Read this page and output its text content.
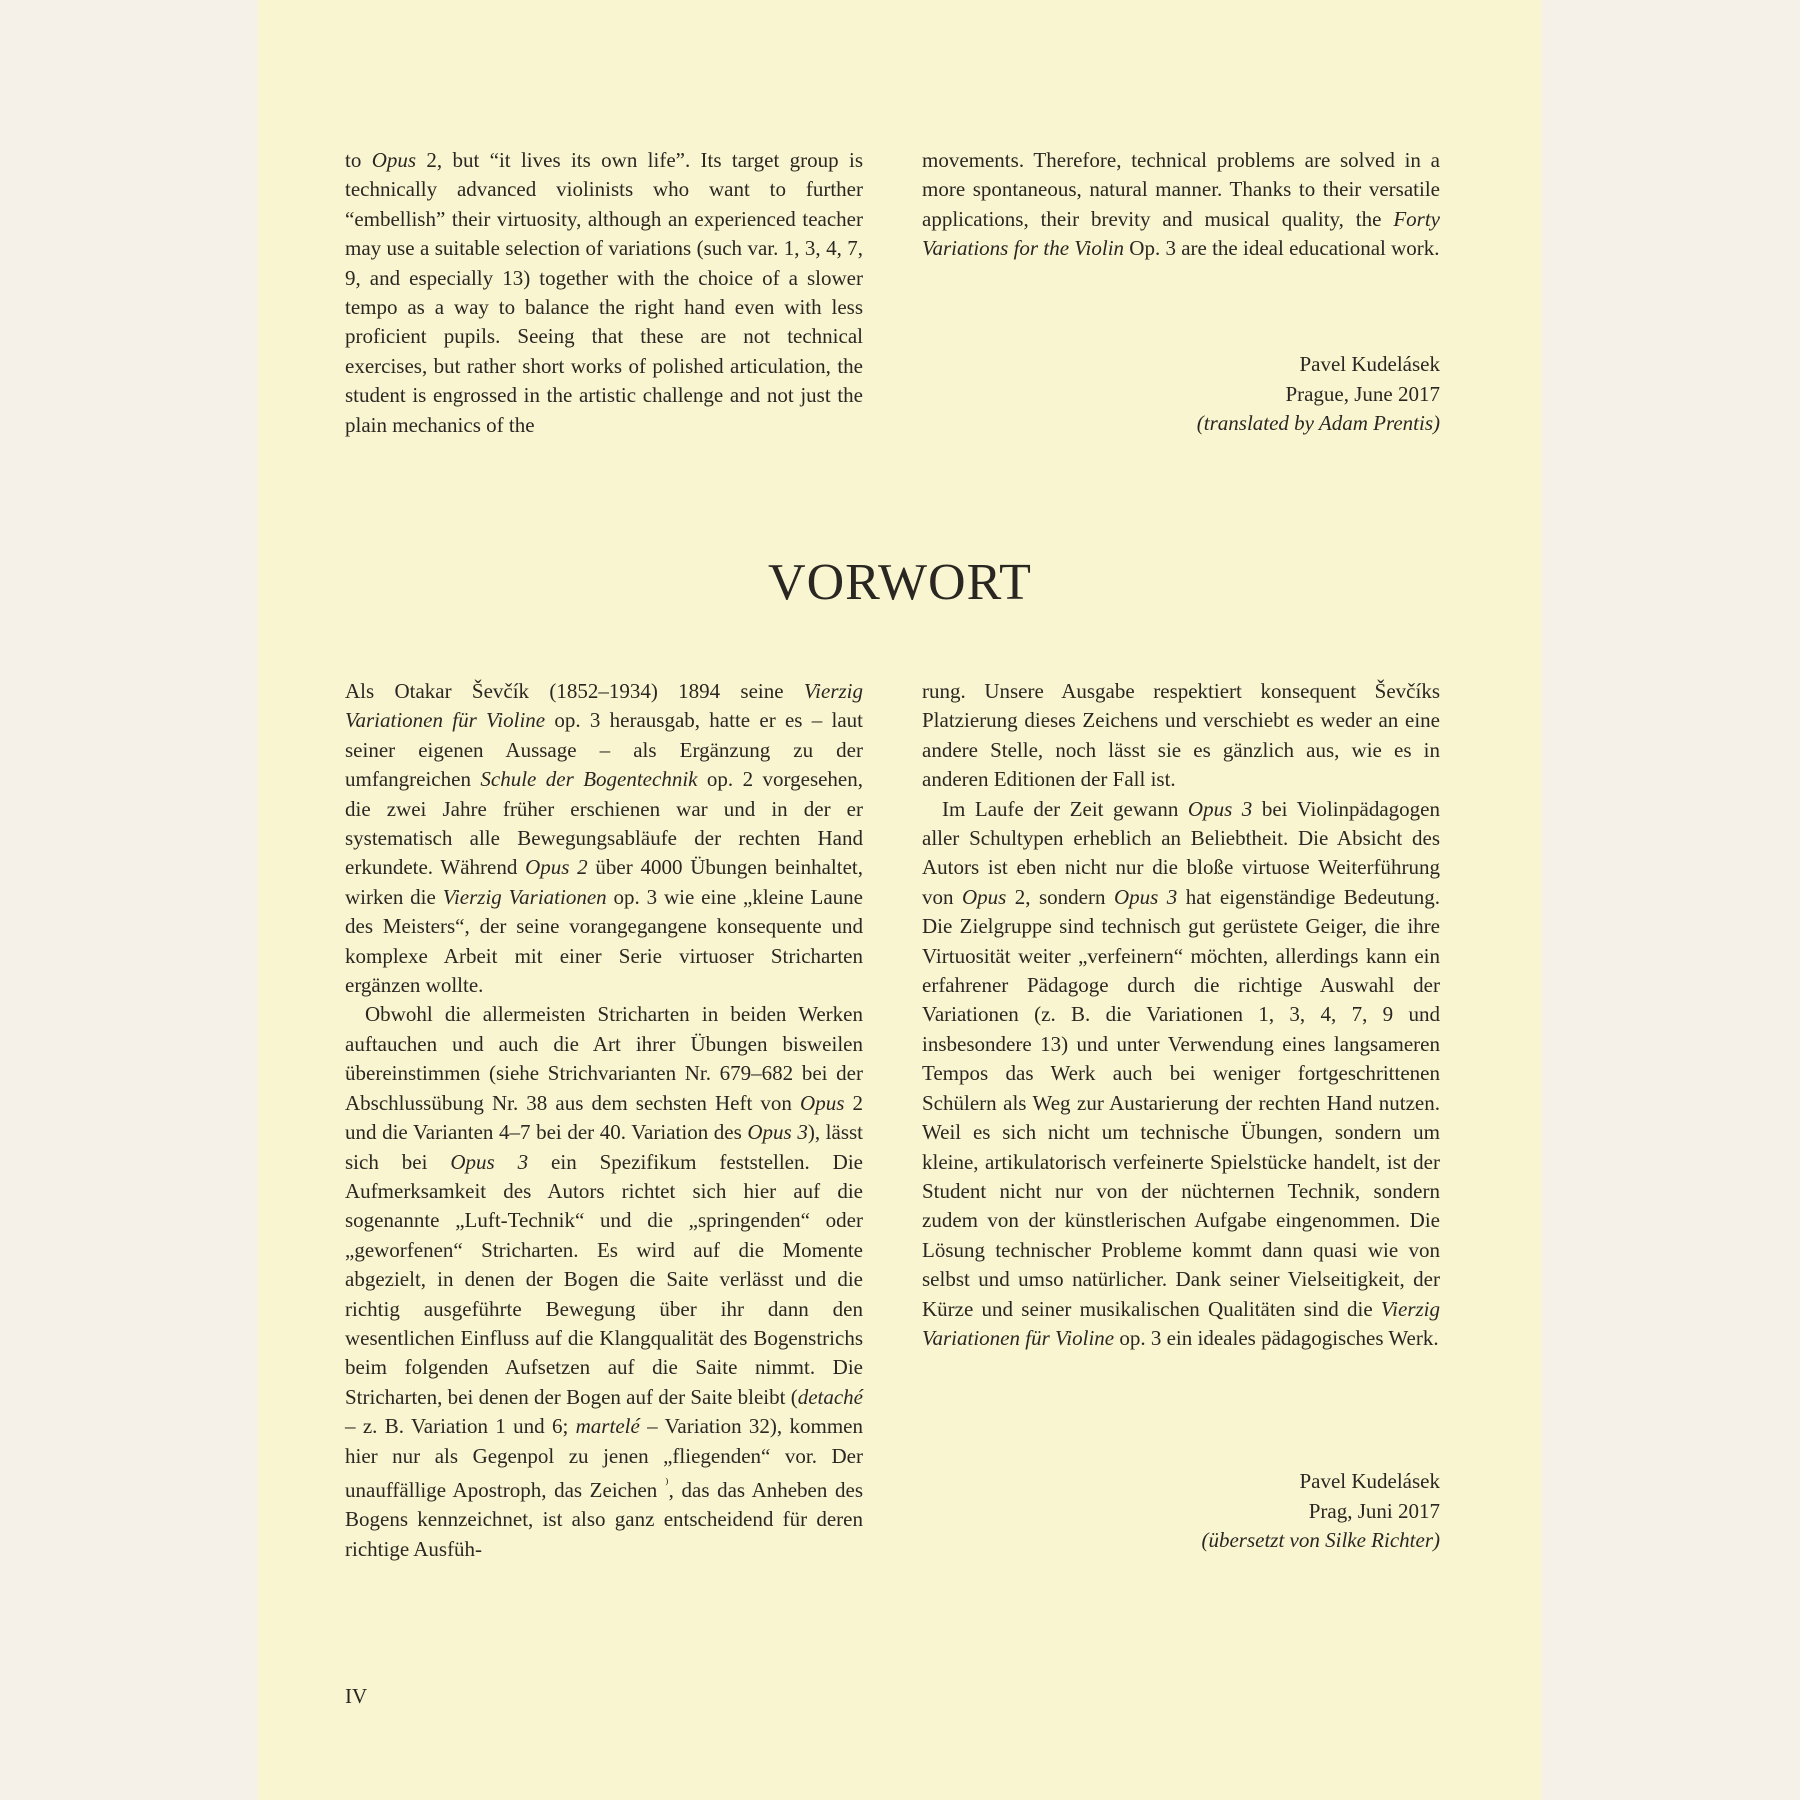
to Opus 2, but “it lives its own life”. Its target group is technically advanced violinists who want to further “embellish” their virtuosity, although an experienced teacher may use a suitable selection of variations (such var. 1, 3, 4, 7, 9, and especially 13) together with the choice of a slower tempo as a way to balance the right hand even with less proficient pupils. Seeing that these are not technical exercises, but rather short works of polished articulation, the student is engrossed in the artistic challenge and not just the plain mechanics of the

movements. Therefore, technical problems are solved in a more spontaneous, natural manner. Thanks to their versatile applications, their brevity and musical quality, the Forty Variations for the Violin Op. 3 are the ideal educational work.

Pavel Kudelásek
Prague, June 2017
(translated by Adam Prentis)
VORWORT

Als Otakar Ševčík (1852–1934) 1894 seine Vierzig Variationen für Violine op. 3 herausgab, hatte er es – laut seiner eigenen Aussage – als Ergänzung zu der umfangreichen Schule der Bogentechnik op. 2 vorgesehen, die zwei Jahre früher erschienen war und in der er systematisch alle Bewegungsabläufe der rechten Hand erkundete. Während Opus 2 über 4000 Übungen beinhaltet, wirken die Vierzig Variationen op. 3 wie eine „kleine Laune des Meisters“, der seine vorangegangene konsequente und komplexe Arbeit mit einer Serie virtuoser Stricharten ergänzen wollte.

Obwohl die allermeisten Stricharten in beiden Werken auftauchen und auch die Art ihrer Übungen bisweilen übereinstimmen (siehe Strichvarianten Nr. 679–682 bei der Abschlussübung Nr. 38 aus dem sechsten Heft von Opus 2 und die Varianten 4–7 bei der 40. Variation des Opus 3), lässt sich bei Opus 3 ein Spezifikum feststellen. Die Aufmerksamkeit des Autors richtet sich hier auf die sogenannte „Luft-Technik“ und die „springenden“ oder „geworfenen“ Stricharten. Es wird auf die Momente abgezielt, in denen der Bogen die Saite verlässt und die richtig ausgeführte Bewegung über ihr dann den wesentlichen Einfluss auf die Klangqualität des Bogenstrichs beim folgenden Aufsetzen auf die Saite nimmt. Die Stricharten, bei denen der Bogen auf der Saite bleibt (detaché – z. B. Variation 1 und 6; martelé – Variation 32), kommen hier nur als Gegenpol zu jenen „fliegenden“ vor. Der unauffällige Apostroph, das Zeichen ⁾, das das Anheben des Bogens kennzeichnet, ist also ganz entscheidend für deren richtige Ausfüh-

rung. Unsere Ausgabe respektiert konsequent Ševčíks Platzierung dieses Zeichens und verschiebt es weder an eine andere Stelle, noch lässt sie es gänzlich aus, wie es in anderen Editionen der Fall ist.

Im Laufe der Zeit gewann Opus 3 bei Violinpädagogen aller Schultypen erheblich an Beliebtheit. Die Absicht des Autors ist eben nicht nur die bloße virtuose Weiterführung von Opus 2, sondern Opus 3 hat eigenständige Bedeutung. Die Zielgruppe sind technisch gut gerüstete Geiger, die ihre Virtuosität weiter „verfeinern“ möchten, allerdings kann ein erfahrener Pädagoge durch die richtige Auswahl der Variationen (z. B. die Variationen 1, 3, 4, 7, 9 und insbesondere 13) und unter Verwendung eines langsameren Tempos das Werk auch bei weniger fortgeschrittenen Schülern als Weg zur Austarierung der rechten Hand nutzen. Weil es sich nicht um technische Übungen, sondern um kleine, artikulatorisch verfeinerte Spielstücke handelt, ist der Student nicht nur von der nüchternen Technik, sondern zudem von der künstlerischen Aufgabe eingenommen. Die Lösung technischer Probleme kommt dann quasi wie von selbst und umso natürlicher. Dank seiner Vielseitigkeit, der Kürze und seiner musikalischen Qualitäten sind die Vierzig Variationen für Violine op. 3 ein ideales pädagogisches Werk.

Pavel Kudelásek
Prag, Juni 2017
(übersetzt von Silke Richter)
IV
